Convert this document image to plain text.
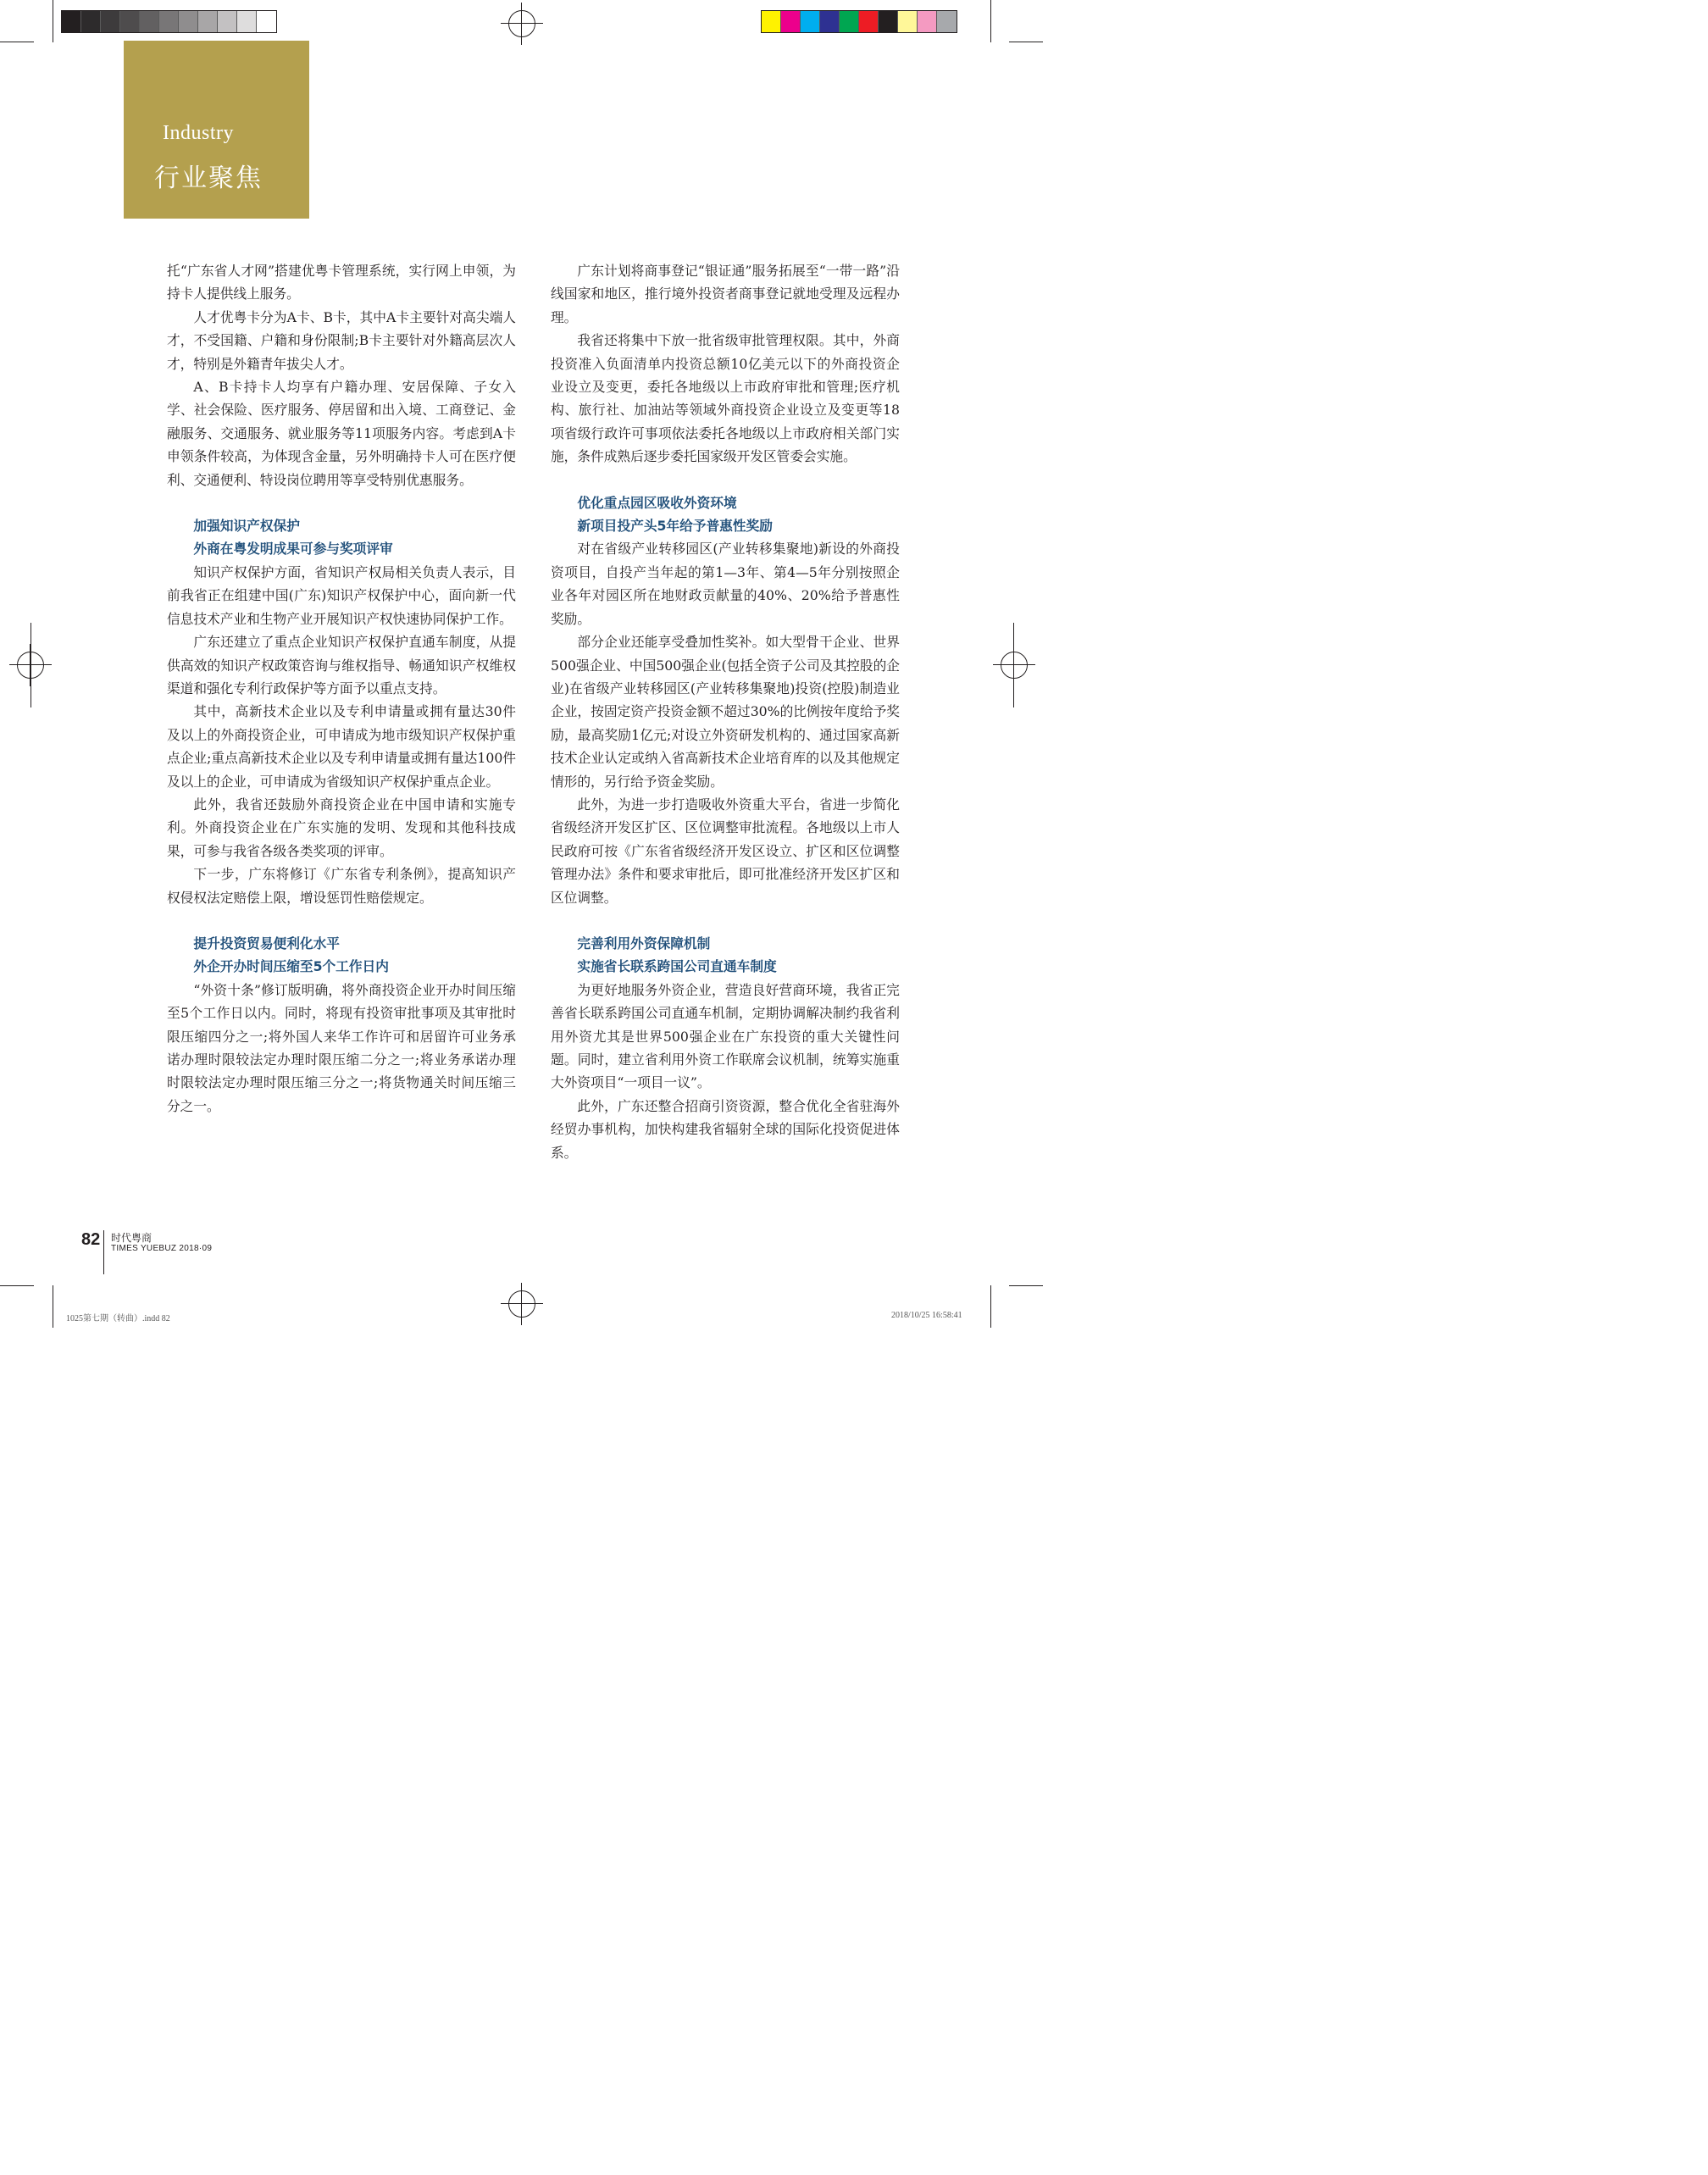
Industry
行业聚焦

托“广东省人才网”搭建优粤卡管理系统，实行网上申领，为持卡人提供线上服务。

人才优粤卡分为A卡、B卡，其中A卡主要针对高尖端人才，不受国籍、户籍和身份限制;B卡主要针对外籍高层次人才，特别是外籍青年拔尖人才。

A、B卡持卡人均享有户籍办理、安居保障、子女入学、社会保险、医疗服务、停居留和出入境、工商登记、金融服务、交通服务、就业服务等11项服务内容。考虑到A卡申领条件较高，为体现含金量，另外明确持卡人可在医疗便利、交通便利、特设岗位聘用等享受特别优惠服务。

加强知识产权保护

外商在粤发明成果可参与奖项评审

知识产权保护方面，省知识产权局相关负责人表示，目前我省正在组建中国(广东)知识产权保护中心，面向新一代信息技术产业和生物产业开展知识产权快速协同保护工作。

广东还建立了重点企业知识产权保护直通车制度，从提供高效的知识产权政策咨询与维权指导、畅通知识产权维权渠道和强化专利行政保护等方面予以重点支持。

其中，高新技术企业以及专利申请量或拥有量达30件及以上的外商投资企业，可申请成为地市级知识产权保护重点企业;重点高新技术企业以及专利申请量或拥有量达100件及以上的企业，可申请成为省级知识产权保护重点企业。

此外，我省还鼓励外商投资企业在中国申请和实施专利。外商投资企业在广东实施的发明、发现和其他科技成果，可参与我省各级各类奖项的评审。

下一步，广东将修订《广东省专利条例》，提高知识产权侵权法定赔偿上限，增设惩罚性赔偿规定。

提升投资贸易便利化水平

外企开办时间压缩至5个工作日内

“外资十条”修订版明确，将外商投资企业开办时间压缩至5个工作日以内。同时，将现有投资审批事项及其审批时限压缩四分之一;将外国人来华工作许可和居留许可业务承诺办理时限较法定办理时限压缩二分之一;将业务承诺办理时限较法定办理时限压缩三分之一;将货物通关时间压缩三分之一。

广东计划将商事登记“银证通”服务拓展至“一带一路”沿线国家和地区，推行境外投资者商事登记就地受理及远程办理。

我省还将集中下放一批省级审批管理权限。其中，外商投资准入负面清单内投资总额10亿美元以下的外商投资企业设立及变更，委托各地级以上市政府审批和管理;医疗机构、旅行社、加油站等领域外商投资企业设立及变更等18项省级行政许可事项依法委托各地级以上市政府相关部门实施，条件成熟后逐步委托国家级开发区管委会实施。

优化重点园区吸收外资环境

新项目投产头5年给予普惠性奖励

对在省级产业转移园区(产业转移集聚地)新设的外商投资项目，自投产当年起的第1—3年、第4—5年分别按照企业各年对园区所在地财政贡献量的40%、20%给予普惠性奖励。

部分企业还能享受叠加性奖补。如大型骨干企业、世界500强企业、中国500强企业(包括全资子公司及其控股的企业)在省级产业转移园区(产业转移集聚地)投资(控股)制造业企业，按固定资产投资金额不超过30%的比例按年度给予奖励，最高奖励1亿元;对设立外资研发机构的、通过国家高新技术企业认定或纳入省高新技术企业培育库的以及其他规定情形的，另行给予资金奖励。

此外，为进一步打造吸收外资重大平台，省进一步简化省级经济开发区扩区、区位调整审批流程。各地级以上市人民政府可按《广东省省级经济开发区设立、扩区和区位调整管理办法》条件和要求审批后，即可批准经济开发区扩区和区位调整。

完善利用外资保障机制

实施省长联系跨国公司直通车制度

为更好地服务外资企业，营造良好营商环境，我省正完善省长联系跨国公司直通车机制，定期协调解决制约我省利用外资尤其是世界500强企业在广东投资的重大关键性问题。同时，建立省利用外资工作联席会议机制，统筹实施重大外资项目“一项目一议”。

此外，广东还整合招商引资资源，整合优化全省驻海外经贸办事机构，加快构建我省辐射全球的国际化投资促进体系。

82 时代粤商
TIMES YUEBUZ 2018·09
1025第七期（转曲）.indd 82	2018/10/25 16:58:41
